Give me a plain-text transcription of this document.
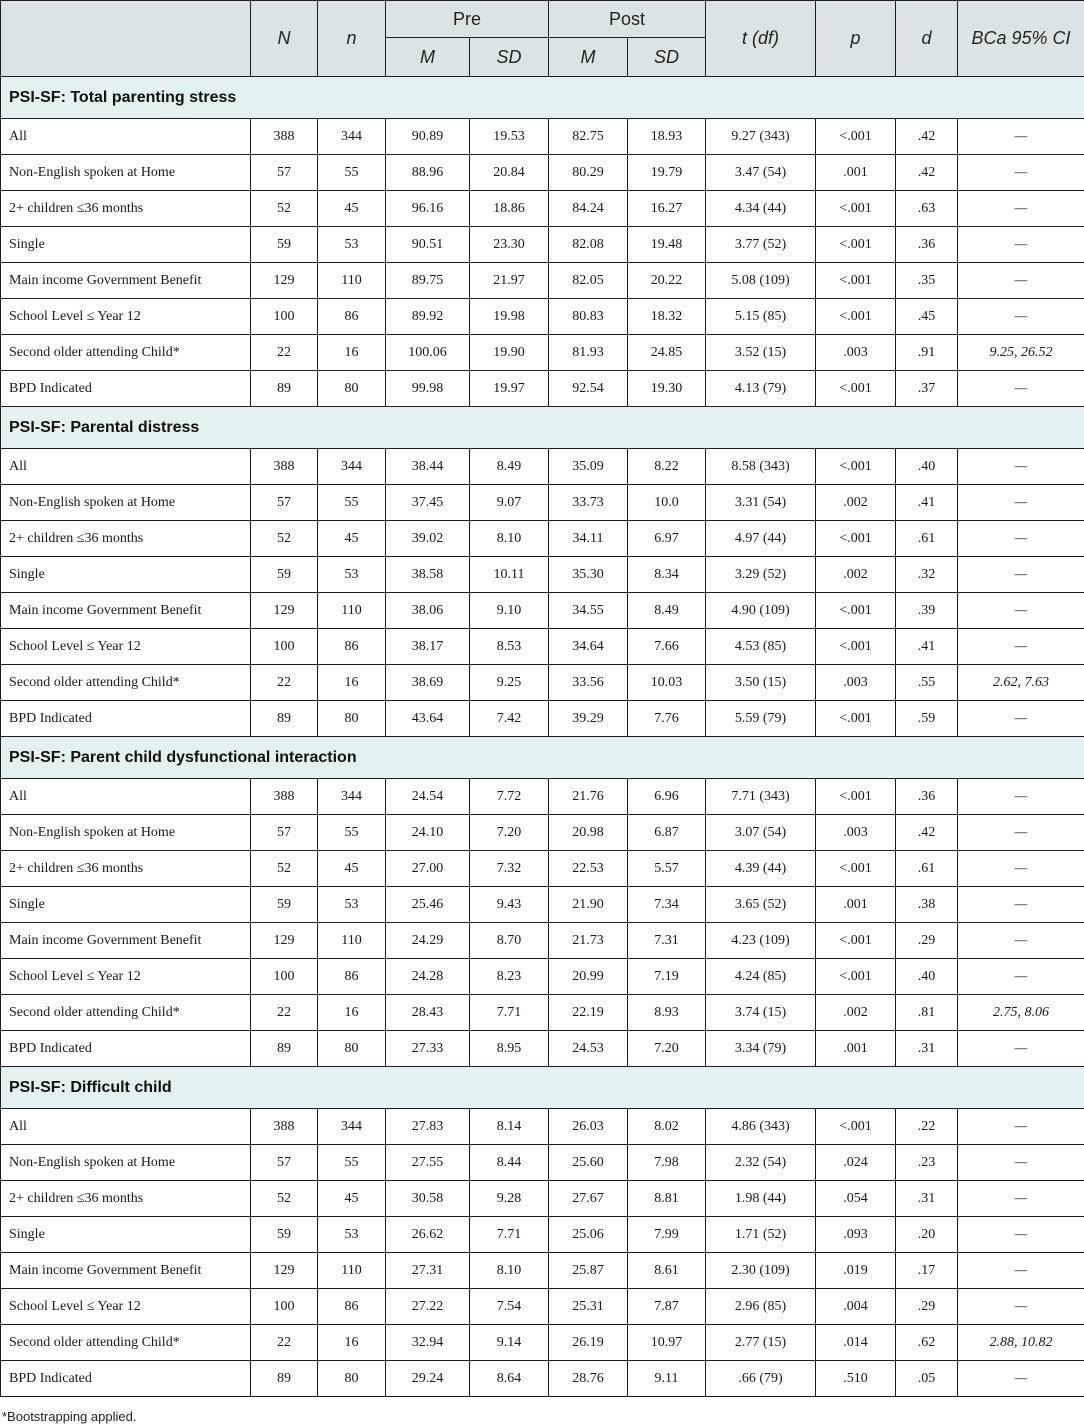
	N	n	Pre		Post		t (df)	p	d	BCa 95% CI
			M	SD	M	SD				
PSI-SF: Total parenting stress										
All	388	344	90.89	19.53	82.75	18.93	9.27 (343)	<.001	.42	—
Non-English spoken at Home	57	55	88.96	20.84	80.29	19.79	3.47 (54)	.001	.42	—
2+ children ≤36 months	52	45	96.16	18.86	84.24	16.27	4.34 (44)	<.001	.63	—
Single	59	53	90.51	23.30	82.08	19.48	3.77 (52)	<.001	.36	—
Main income Government Benefit	129	110	89.75	21.97	82.05	20.22	5.08 (109)	<.001	.35	—
School Level ≤ Year 12	100	86	89.92	19.98	80.83	18.32	5.15 (85)	<.001	.45	—
Second older attending Child*	22	16	100.06	19.90	81.93	24.85	3.52 (15)	.003	.91	9.25, 26.52
BPD Indicated	89	80	99.98	19.97	92.54	19.30	4.13 (79)	<.001	.37	—
PSI-SF: Parental distress										
All	388	344	38.44	8.49	35.09	8.22	8.58 (343)	<.001	.40	—
Non-English spoken at Home	57	55	37.45	9.07	33.73	10.0	3.31 (54)	.002	.41	—
2+ children ≤36 months	52	45	39.02	8.10	34.11	6.97	4.97 (44)	<.001	.61	—
Single	59	53	38.58	10.11	35.30	8.34	3.29 (52)	.002	.32	—
Main income Government Benefit	129	110	38.06	9.10	34.55	8.49	4.90 (109)	<.001	.39	—
School Level ≤ Year 12	100	86	38.17	8.53	34.64	7.66	4.53 (85)	<.001	.41	—
Second older attending Child*	22	16	38.69	9.25	33.56	10.03	3.50 (15)	.003	.55	2.62, 7.63
BPD Indicated	89	80	43.64	7.42	39.29	7.76	5.59 (79)	<.001	.59	—
PSI-SF: Parent child dysfunctional interaction										
All	388	344	24.54	7.72	21.76	6.96	7.71 (343)	<.001	.36	—
Non-English spoken at Home	57	55	24.10	7.20	20.98	6.87	3.07 (54)	.003	.42	—
2+ children ≤36 months	52	45	27.00	7.32	22.53	5.57	4.39 (44)	<.001	.61	—
Single	59	53	25.46	9.43	21.90	7.34	3.65 (52)	.001	.38	—
Main income Government Benefit	129	110	24.29	8.70	21.73	7.31	4.23 (109)	<.001	.29	—
School Level ≤ Year 12	100	86	24.28	8.23	20.99	7.19	4.24 (85)	<.001	.40	—
Second older attending Child*	22	16	28.43	7.71	22.19	8.93	3.74 (15)	.002	.81	2.75, 8.06
BPD Indicated	89	80	27.33	8.95	24.53	7.20	3.34 (79)	.001	.31	—
PSI-SF: Difficult child										
All	388	344	27.83	8.14	26.03	8.02	4.86 (343)	<.001	.22	—
Non-English spoken at Home	57	55	27.55	8.44	25.60	7.98	2.32 (54)	.024	.23	—
2+ children ≤36 months	52	45	30.58	9.28	27.67	8.81	1.98 (44)	.054	.31	—
Single	59	53	26.62	7.71	25.06	7.99	1.71 (52)	.093	.20	—
Main income Government Benefit	129	110	27.31	8.10	25.87	8.61	2.30 (109)	.019	.17	—
School Level ≤ Year 12	100	86	27.22	7.54	25.31	7.87	2.96 (85)	.004	.29	—
Second older attending Child*	22	16	32.94	9.14	26.19	10.97	2.77 (15)	.014	.62	2.88, 10.82
BPD Indicated	89	80	29.24	8.64	28.76	9.11	.66 (79)	.510	.05	—
*Bootstrapping applied.
